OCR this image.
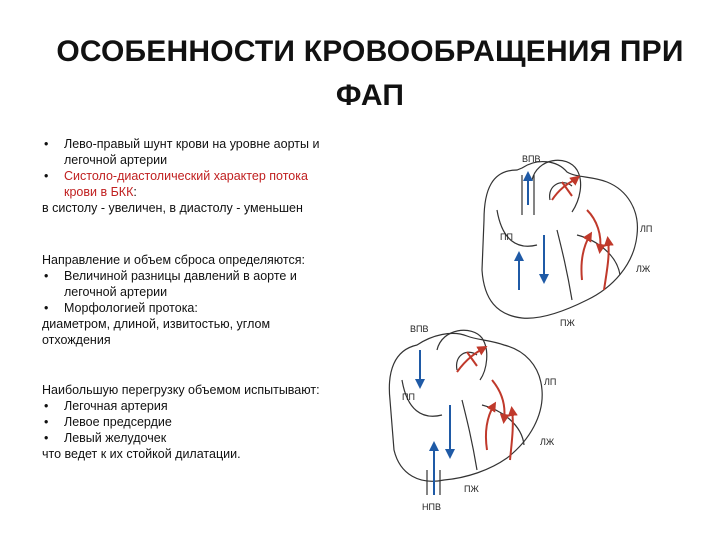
ОСОБЕННОСТИ КРОВООБРАЩЕНИЯ ПРИ
ФАП
• Лево-правый шунт крови на уровне аорты и
легочной артерии
• Систоло-диастолический характер потока
крови в БКК:
в систолу - увеличен, в диастолу - уменьшен
Направление и объем сброса определяются:
• Величиной разницы давлений в аорте и
легочной артерии
• Морфологией протока:
диаметром, длиной, извитостью, углом
отхождения
Наибольшую перегрузку объемом испытывают:
• Легочная артерия
• Левое предсердие
• Левый желудочек
что ведет к их стойкой дилатации.
ВПВ
ПП
ЛП
ЛЖ
ПЖ
ВПВ
ПП
ЛП
ЛЖ
ПЖ
НПВ
